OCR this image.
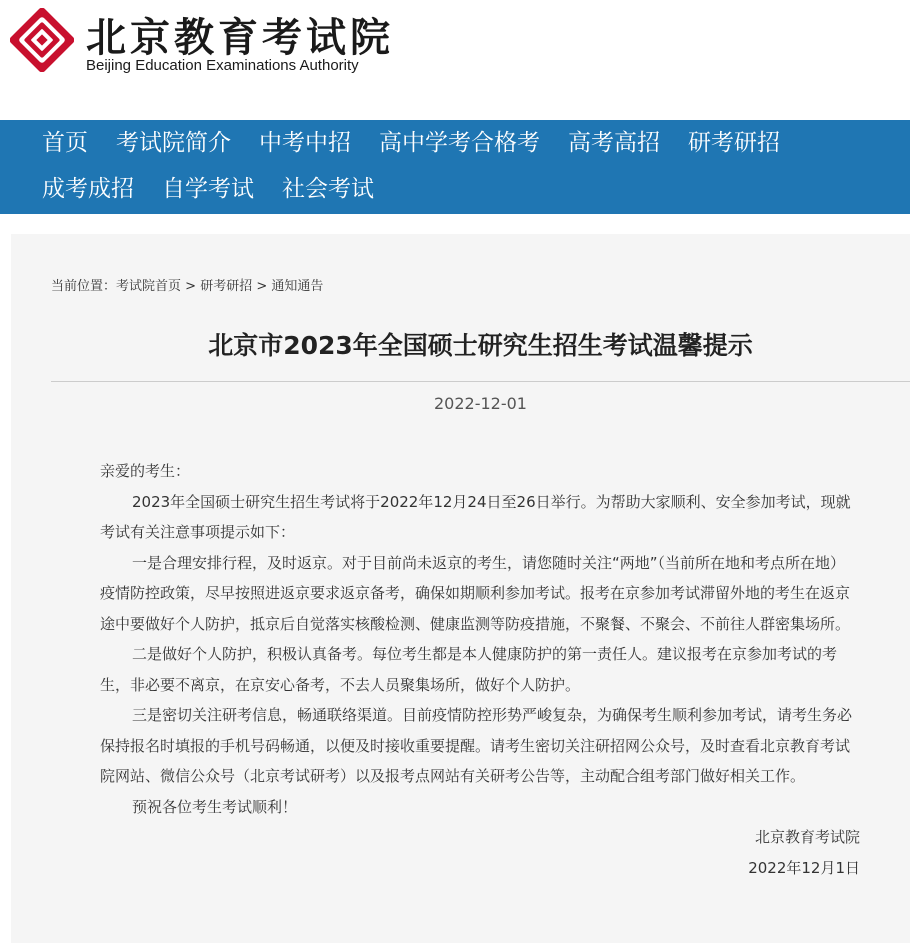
北京教育考试院
Beijing Education Examinations Authority
首页	考试院简介	中考中招	高中学考合格考	高考高招	研考研招
成考成招	自学考试	社会考试
当前位置：考试院首页 > 研考研招 > 通知通告
北京市2023年全国硕士研究生招生考试温馨提示
2022-12-01

亲爱的考生：

2023年全国硕士研究生招生考试将于2022年12月24日至26日举行。为帮助大家顺利、安全参加考试，现就考试有关注意事项提示如下：

一是合理安排行程，及时返京。对于目前尚未返京的考生，请您随时关注“两地”（当前所在地和考点所在地）疫情防控政策，尽早按照进返京要求返京备考，确保如期顺利参加考试。报考在京参加考试滞留外地的考生在返京途中要做好个人防护，抵京后自觉落实核酸检测、健康监测等防疫措施，不聚餐、不聚会、不前往人群密集场所。

二是做好个人防护，积极认真备考。每位考生都是本人健康防护的第一责任人。建议报考在京参加考试的考生，非必要不离京，在京安心备考，不去人员聚集场所，做好个人防护。

三是密切关注研考信息，畅通联络渠道。目前疫情防控形势严峻复杂，为确保考生顺利参加考试，请考生务必保持报名时填报的手机号码畅通，以便及时接收重要提醒。请考生密切关注研招网公众号，及时查看北京教育考试院网站、微信公众号（北京考试研考）以及报考点网站有关研考公告等，主动配合组考部门做好相关工作。

预祝各位考生考试顺利！

北京教育考试院

2022年12月1日
